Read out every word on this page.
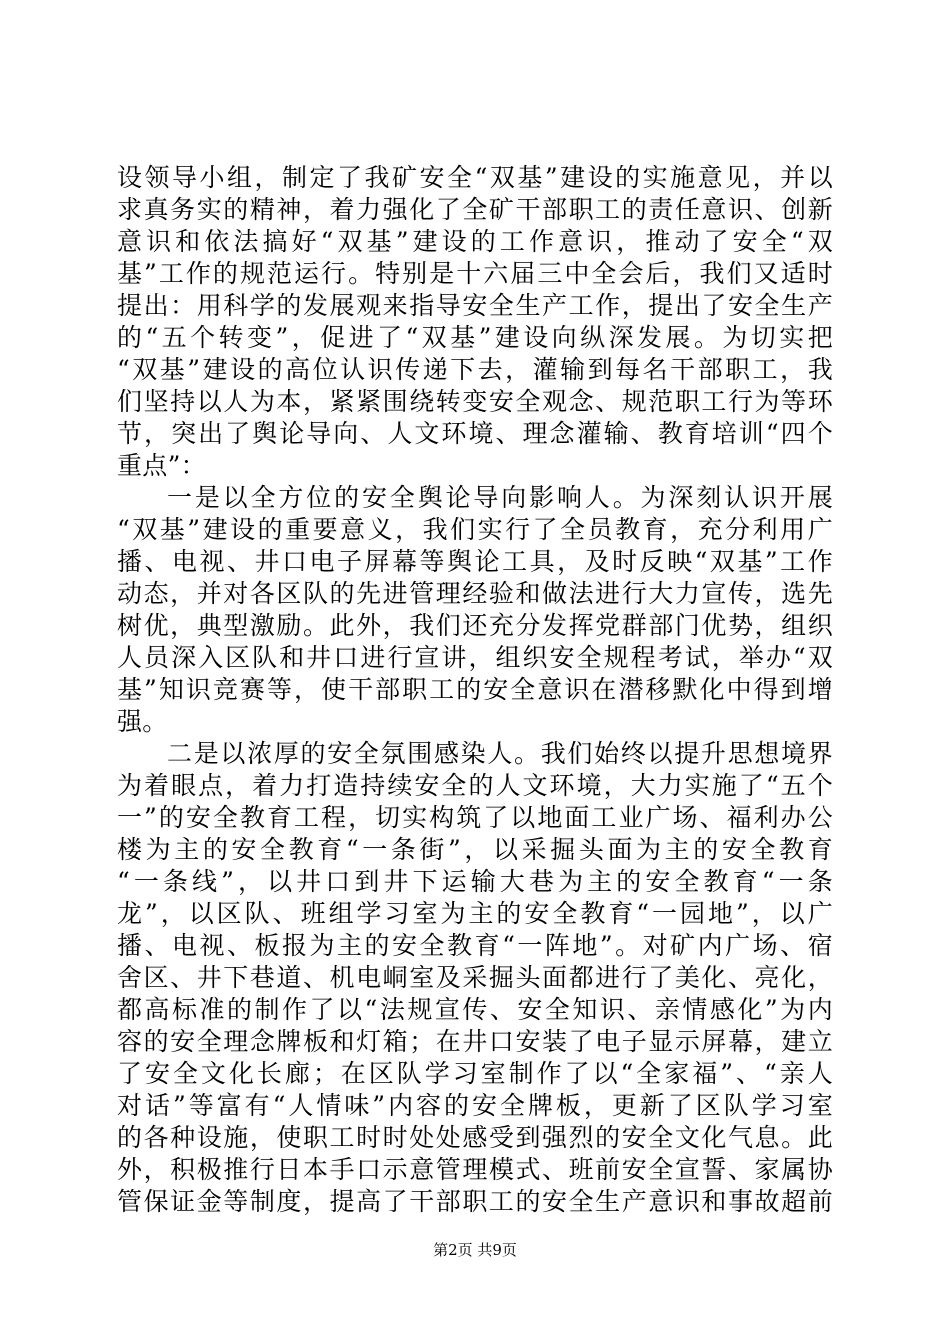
设领导小组，制定了我矿安全“双基”建设的实施意见，并以
求真务实的精神，着力强化了全矿干部职工的责任意识、创新
意识和依法搞好“双基”建设的工作意识，推动了安全“双
基”工作的规范运行。特别是十六届三中全会后，我们又适时
提出：用科学的发展观来指导安全生产工作，提出了安全生产
的“五个转变”，促进了“双基”建设向纵深发展。为切实把
“双基”建设的高位认识传递下去，灌输到每名干部职工，我
们坚持以人为本，紧紧围绕转变安全观念、规范职工行为等环
节，突出了舆论导向、人文环境、理念灌输、教育培训“四个
重点”：
一是以全方位的安全舆论导向影响人。为深刻认识开展
“双基”建设的重要意义，我们实行了全员教育，充分利用广
播、电视、井口电子屏幕等舆论工具，及时反映“双基”工作
动态，并对各区队的先进管理经验和做法进行大力宣传，选先
树优，典型激励。此外，我们还充分发挥党群部门优势，组织
人员深入区队和井口进行宣讲，组织安全规程考试，举办“双
基”知识竞赛等，使干部职工的安全意识在潜移默化中得到增
强。
二是以浓厚的安全氛围感染人。我们始终以提升思想境界
为着眼点，着力打造持续安全的人文环境，大力实施了“五个
一”的安全教育工程，切实构筑了以地面工业广场、福利办公
楼为主的安全教育“一条街”，以采掘头面为主的安全教育
“一条线”，以井口到井下运输大巷为主的安全教育“一条
龙”，以区队、班组学习室为主的安全教育“一园地”，以广
播、电视、板报为主的安全教育“一阵地”。对矿内广场、宿
舍区、井下巷道、机电峒室及采掘头面都进行了美化、亮化，
都高标准的制作了以“法规宣传、安全知识、亲情感化”为内
容的安全理念牌板和灯箱；在井口安装了电子显示屏幕，建立
了安全文化长廊；在区队学习室制作了以“全家福”、“亲人
对话”等富有“人情味”内容的安全牌板，更新了区队学习室
的各种设施，使职工时时处处感受到强烈的安全文化气息。此
外，积极推行日本手口示意管理模式、班前安全宣誓、家属协
管保证金等制度，提高了干部职工的安全生产意识和事故超前
第2页 共9页
